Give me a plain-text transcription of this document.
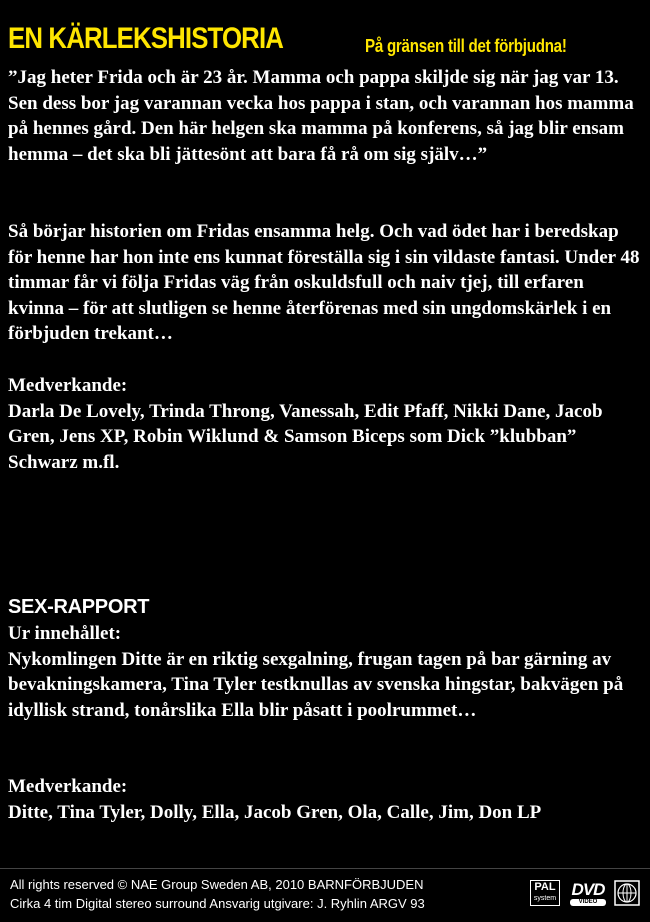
EN KÄRLEKSHISTORIA	På gränsen till det förbjudna!

”Jag heter Frida och är 23 år. Mamma och pappa skiljde sig när jag var 13. Sen dess bor jag varannan vecka hos pappa i stan, och varannan hos mamma på hennes gård. Den här helgen ska mamma på konferens, så jag blir ensam hemma – det ska bli jättesönt att bara få rå om sig själv…”

Så börjar historien om Fridas ensamma helg. Och vad ödet har i beredskap för henne har hon inte ens kunnat föreställa sig i sin vildaste fantasi. Under 48 timmar får vi följa Fridas väg från oskuldsfull och naiv tjej, till erfaren kvinna – för att slutligen se henne återförenas med sin ungdomskärlek i en förbjuden trekant…

Medverkande:

Darla De Lovely, Trinda Throng, Vanessah, Edit Pfaff, Nikki Dane, Jacob Gren, Jens XP, Robin Wiklund & Samson Biceps som Dick ”klubban” Schwarz m.fl.

SEX-RAPPORT

Ur innehållet:

Nykomlingen Ditte är en riktig sexgalning, frugan tagen på bar gärning av bevakningskamera, Tina Tyler testknullas av svenska hingstar, bakvägen på idyllisk strand, tonårslika Ella blir påsatt i poolrummet…

Medverkande:

Ditte, Tina Tyler, Dolly, Ella, Jacob Gren, Ola, Calle, Jim, Don LP

All rights reserved © NAE Group Sweden AB, 2010 BARNFÖRBJUDEN
Cirka 4 tim Digital stereo surround Ansvarig utgivare: J. Ryhlin ARGV 93
PAL
system DVD
VIDEO
